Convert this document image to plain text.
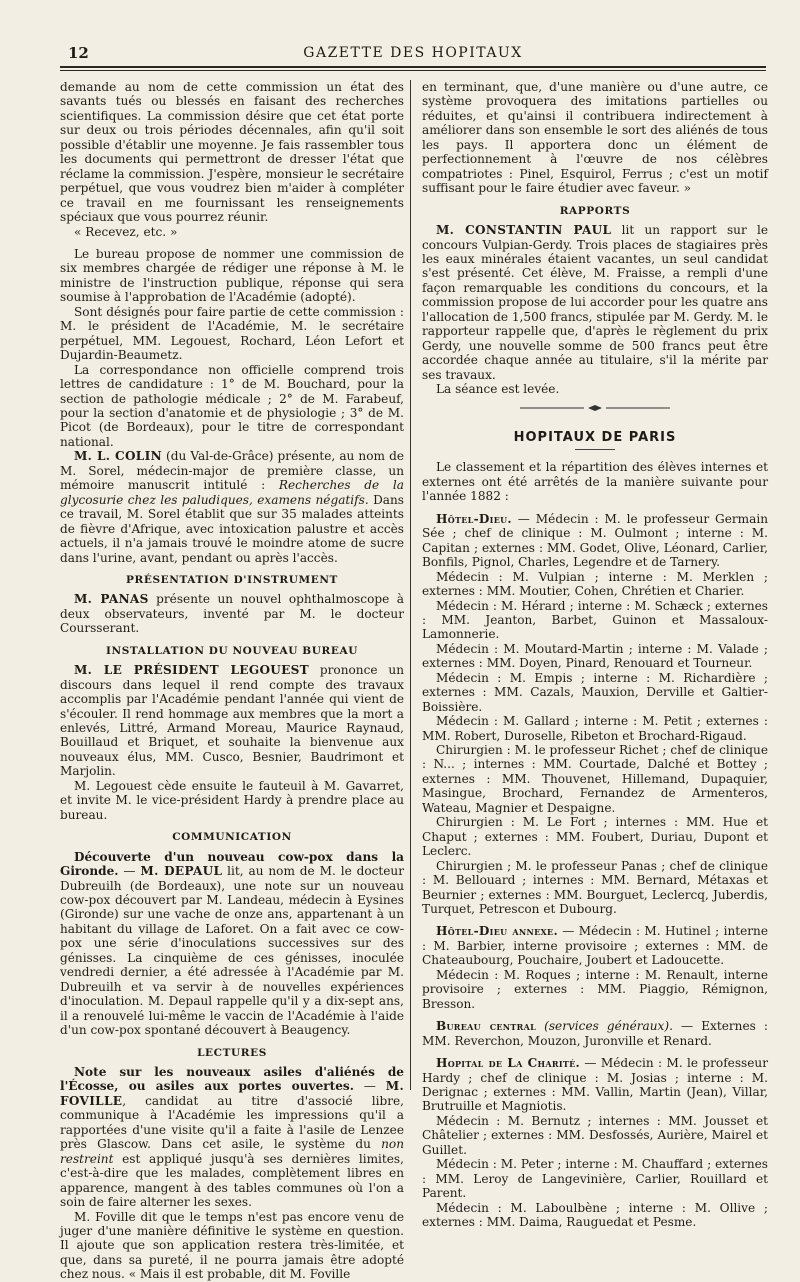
12	GAZETTE DES HOPITAUX

demande au nom de cette commission un état des savants tués ou blessés en faisant des recherches scientifiques. La commission désire que cet état porte sur deux ou trois périodes décennales, afin qu'il soit possible d'établir une moyenne. Je fais rassembler tous les documents qui permettront de dresser l'état que réclame la commission. J'espère, monsieur le secrétaire perpétuel, que vous voudrez bien m'aider à compléter ce travail en me fournissant les renseignements spéciaux que vous pourrez réunir.

« Recevez, etc. »

Le bureau propose de nommer une commission de six membres chargée de rédiger une réponse à M. le ministre de l'instruction publique, réponse qui sera soumise à l'approbation de l'Académie (adopté).

Sont désignés pour faire partie de cette commission : M. le président de l'Académie, M. le secrétaire perpétuel, MM. Legouest, Rochard, Léon Lefort et Dujardin-Beaumetz.

La correspondance non officielle comprend trois lettres de candidature : 1° de M. Bouchard, pour la section de pathologie médicale ; 2° de M. Farabeuf, pour la section d'anatomie et de physiologie ; 3° de M. Picot (de Bordeaux), pour le titre de correspondant national.

M. L. COLIN (du Val-de-Grâce) présente, au nom de M. Sorel, médecin-major de première classe, un mémoire manuscrit intitulé : Recherches de la glycosurie chez les paludiques, examens négatifs. Dans ce travail, M. Sorel établit que sur 35 malades atteints de fièvre d'Afrique, avec intoxication palustre et accès actuels, il n'a jamais trouvé le moindre atome de sucre dans l'urine, avant, pendant ou après l'accès.

PRÉSENTATION D'INSTRUMENT

M. PANAS présente un nouvel ophthalmoscope à deux observateurs, inventé par M. le docteur Coursserant.

INSTALLATION DU NOUVEAU BUREAU

M. LE PRÉSIDENT LEGOUEST prononce un discours dans lequel il rend compte des travaux accomplis par l'Académie pendant l'année qui vient de s'écouler. Il rend hommage aux membres que la mort a enlevés, Littré, Armand Moreau, Maurice Raynaud, Bouillaud et Briquet, et souhaite la bienvenue aux nouveaux élus, MM. Cusco, Besnier, Baudrimont et Marjolin.

M. Legouest cède ensuite le fauteuil à M. Gavarret, et invite M. le vice-président Hardy à prendre place au bureau.

COMMUNICATION

Découverte d'un nouveau cow-pox dans la Gironde. — M. DEPAUL lit, au nom de M. le docteur Dubreuilh (de Bordeaux), une note sur un nouveau cow-pox découvert par M. Landeau, médecin à Eysines (Gironde) sur une vache de onze ans, appartenant à un habitant du village de Laforet. On a fait avec ce cow-pox une série d'inoculations successives sur des génisses. La cinquième de ces génisses, inoculée vendredi dernier, a été adressée à l'Académie par M. Dubreuilh et va servir à de nouvelles expériences d'inoculation. M. Depaul rappelle qu'il y a dix-sept ans, il a renouvelé lui-même le vaccin de l'Académie à l'aide d'un cow-pox spontané découvert à Beaugency.

LECTURES

Note sur les nouveaux asiles d'aliénés de l'Écosse, ou asiles aux portes ouvertes. — M. FOVILLE, candidat au titre d'associé libre, communique à l'Académie les impressions qu'il a rapportées d'une visite qu'il a faite à l'asile de Lenzee près Glascow. Dans cet asile, le système du non restreint est appliqué jusqu'à ses dernières limites, c'est-à-dire que les malades, complètement libres en apparence, mangent à des tables communes où l'on a soin de faire alterner les sexes.

M. Foville dit que le temps n'est pas encore venu de juger d'une manière définitive le système en question. Il ajoute que son application restera très-limitée, et que, dans sa pureté, il ne pourra jamais être adopté chez nous. « Mais il est probable, dit M. Foville

en terminant, que, d'une manière ou d'une autre, ce système provoquera des imitations partielles ou réduites, et qu'ainsi il contribuera indirectement à améliorer dans son ensemble le sort des aliénés de tous les pays. Il apportera donc un élément de perfectionnement à l'œuvre de nos célèbres compatriotes : Pinel, Esquirol, Ferrus ; c'est un motif suffisant pour le faire étudier avec faveur. »

RAPPORTS

M. CONSTANTIN PAUL lit un rapport sur le concours Vulpian-Gerdy. Trois places de stagiaires près les eaux minérales étaient vacantes, un seul candidat s'est présenté. Cet élève, M. Fraisse, a rempli d'une façon remarquable les conditions du concours, et la commission propose de lui accorder pour les quatre ans l'allocation de 1,500 francs, stipulée par M. Gerdy. M. le rapporteur rappelle que, d'après le règlement du prix Gerdy, une nouvelle somme de 500 francs peut être accordée chaque année au titulaire, s'il la mérite par ses travaux.

La séance est levée.

HOPITAUX DE PARIS

Le classement et la répartition des élèves internes et externes ont été arrêtés de la manière suivante pour l'année 1882 :

Hôtel-Dieu. — Médecin : M. le professeur Germain Sée ; chef de clinique : M. Oulmont ; interne : M. Capitan ; externes : MM. Godet, Olive, Léonard, Carlier, Bonfils, Pignol, Charles, Legendre et de Tarnery.

Médecin : M. Vulpian ; interne : M. Merklen ; externes : MM. Moutier, Cohen, Chrétien et Charier.

Médecin : M. Hérard ; interne : M. Schæck ; externes : MM. Jeanton, Barbet, Guinon et Massaloux-Lamonnerie.

Médecin : M. Moutard-Martin ; interne : M. Valade ; externes : MM. Doyen, Pinard, Renouard et Tourneur.

Médecin : M. Empis ; interne : M. Richardière ; externes : MM. Cazals, Mauxion, Derville et Galtier-Boissière.

Médecin : M. Gallard ; interne : M. Petit ; externes : MM. Robert, Duroselle, Ribeton et Brochard-Rigaud.

Chirurgien : M. le professeur Richet ; chef de clinique : N... ; internes : MM. Courtade, Dalché et Bottey ; externes : MM. Thouvenet, Hillemand, Dupaquier, Masingue, Brochard, Fernandez de Armenteros, Wateau, Magnier et Despaigne.

Chirurgien : M. Le Fort ; internes : MM. Hue et Chaput ; externes : MM. Foubert, Duriau, Dupont et Leclerc.

Chirurgien ; M. le professeur Panas ; chef de clinique : M. Bellouard ; internes : MM. Bernard, Métaxas et Beurnier ; externes : MM. Bourguet, Leclercq, Juberdis, Turquet, Petrescon et Dubourg.

Hôtel-Dieu annexe. — Médecin : M. Hutinel ; interne : M. Barbier, interne provisoire ; externes : MM. de Chateaubourg, Pouchaire, Joubert et Ladoucette.

Médecin : M. Roques ; interne : M. Renault, interne provisoire ; externes : MM. Piaggio, Rémignon, Bresson.

Bureau central (services généraux). — Externes : MM. Reverchon, Mouzon, Juronville et Renard.

Hopital de La Charité. — Médecin : M. le professeur Hardy ; chef de clinique : M. Josias ; interne : M. Derignac ; externes : MM. Vallin, Martin (Jean), Villar, Brutruille et Magniotis.

Médecin : M. Bernutz ; internes : MM. Jousset et Châtelier ; externes : MM. Desfossés, Aurière, Mairel et Guillet.

Médecin : M. Peter ; interne : M. Chauffard ; externes : MM. Leroy de Langevinière, Carlier, Rouillard et Parent.

Médecin : M. Laboulbène ; interne : M. Ollive ; externes : MM. Daima, Rauguedat et Pesme.
